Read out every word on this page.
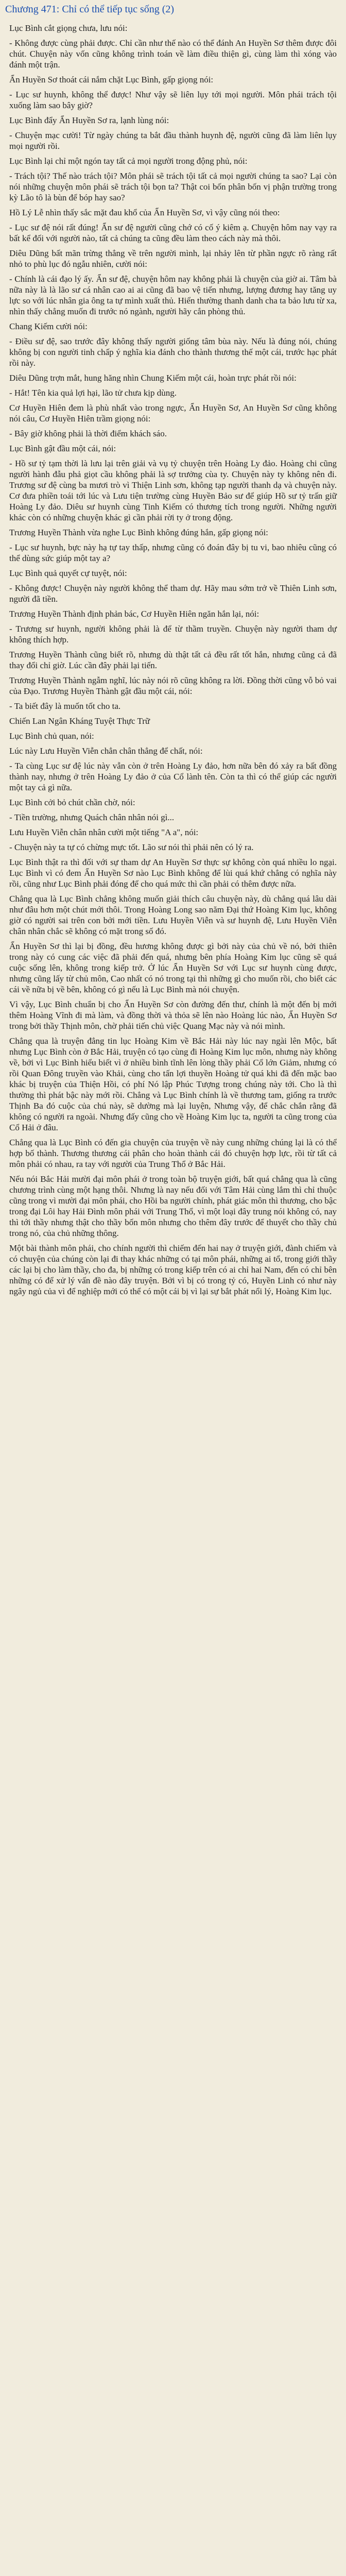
Chương 471: Chỉ có thể tiếp tục sống (2)

Lục Bình cắt giọng chưa, lưu nói:

- Không được cùng phải được. Chỉ cần như thế nào có thể đánh An Huyền Sơ thêm được đôi chút. Chuyện này vốn cũng không trình toán về làm điều thiện gì, cùng làm thì xóng vào đánh một trận.

Ẩn Huyền Sơ thoát cái nắm chặt Lục Bình, gấp giọng nói:

- Lục sư huynh, không thể được! Như vậy sẽ liên lụy tới mọi người. Môn phái trách tội xuống làm sao bây giờ?

Lục Bình đẩy Ẩn Huyền Sơ ra, lạnh lùng nói:

- Chuyện mạc cười! Từ ngày chúng ta bắt đầu thành huynh đệ, người cũng đã làm liên lụy mọi người rồi.

Lục Bình lại chỉ một ngón tay tất cả mọi người trong động phủ, nói:

- Trách tội? Thế nào trách tội? Môn phái sẽ trách tội tất cả mọi người chúng ta sao? Lại còn nói những chuyện môn phái sẽ trách tội bọn ta? Thật coi bốn phân bốn vị phận trường trong kỳ Lão tô là bùn để bóp hay sao?

Hồ Lý Lễ nhìn thấy sắc mặt đau khổ của Ẩn Huyền Sơ, vì vậy cũng nói theo:

- Lục sư đệ nói rất đúng! Ẩn sư đệ người cũng chớ có cố ý kiêm ạ. Chuyện hôm nay vạy ra bất kể đối với người nào, tất cả chúng ta cũng đều làm theo cách này mà thôi.

Diêu Dũng bất mãn trừng thẳng về trên người mình, lại nhảy lên từ phần ngực rõ ràng rất nhỏ to phù lục đó ngẫu nhiên, cười nói:

- Chính là cái đạo lý ấy. Ẩn sư đệ, chuyện hôm nay không phải là chuyện của giờ ai. Tâm bà nữa này là là lão sư cá nhân cao ai ai cũng đã bao vệ tiến nhưng, lượng đương hay tăng uy lực so với lúc nhân gia ông ta tự mình xuất thủ. Hiển thường thanh danh cha ta bảo lưu từ xa, nhìn thấy chẳng muốn đi trước nó ngành, người hãy cắn phòng thủ.

Chang Kiếm cười nói:

- Điều sư đệ, sao trước đây không thấy người giống tâm bùa này. Nếu là đúng nói, chúng không bị con người tinh chấp ý nghĩa kia đánh cho thành thương thế một cái, trước hạc phát rồi này.

Diêu Dũng trợn mắt, hung hăng nhìn Chung Kiếm một cái, hoàn trực phát rồi nói:

- Hắt! Tên kia quả lợi hại, lão tử chưa kịp dùng.

Cơ Huyền Hiên đem là phù nhất vào trong ngực, Ẩn Huyền Sơ, An Huyền Sơ cũng không nói câu, Cơ Huyền Hiên trầm giọng nói:

- Bây giờ không phải là thời điểm khách sáo.

Lục Bình gật đầu một cái, nói:

- Hồ sư tỷ tạm thời là lưu lại trên giải và vụ tỷ chuyện trên Hoàng Ly đảo. Hoàng chi cũng người hành đẫu phả giọt cầu không phải là sợ trưởng cùa ty. Chuyện này ty không nên đi. Trương sư đệ cùng ba mươi trò vì Thiện Linh sơn, không tạp người thanh dạ và chuyện này. Cơ đưa phiền toái tới lúc và Lưu tiện trường cùng Huyền Bảo sư để giúp Hồ sư tỷ trấn giữ Hoàng Ly đảo. Diêu sư huynh cùng Tinh Kiếm có thương tích trong người. Những người khác còn có những chuyện khác gì cần phải rời ty ở trong động.

Trương Huyền Thành vừa nghe Lục Bình không đúng hắn, gấp giọng nói:

- Lục sư huynh, bực này hạ tự tay thấp, nhưng cũng có đoán đây bị tu vi, bao nhiêu cũng có thể dùng sức giúp một tay a?

Lục Bình quả quyết cự tuyệt, nói:

- Không được! Chuyện này người không thể tham dự. Hãy mau sớm trở về Thiên Linh sơn, người đã tiền.

Trương Huyền Thành định phản bác, Cơ Huyền Hiên ngăn hắn lại, nói:

- Trương sư huynh, người không phải là để từ thầm truyền. Chuyện này người tham dự không thích hợp.

Trương Huyền Thành cũng biết rõ, nhưng dù thật tất cả đều rất tốt hắn, nhưng cũng cả đã thay đổi chỉ giờ. Lúc cần đây phải lại tiến.

Trương Huyền Thành ngẫm nghĩ, lúc này nói rõ cũng không ra lời. Đồng thời cũng vỗ bỏ vai của Đạo. Trương Huyền Thành gật đầu một cái, nói:

- Ta biết đây là muốn tốt cho ta.

Chiến Lan Ngân Kháng Tuyệt Thực Trữ

Lục Bình chủ quan, nói:

Lúc này Lưu Huyền Viễn chẳn chân thẳng để chất, nói:

- Ta cùng Lục sư đệ lúc này vẫn còn ở trên Hoàng Ly đảo, hơn nữa bên đó xảy ra bất đồng thành nay, nhưng ở trên Hoàng Ly đảo ở của Cổ lành tên. Còn ta thì có thể giúp các người một tay cả gì nữa.

Lục Bình cởi bỏ chút chần chờ, nói:

- Tiền trường, nhưng Quách chân nhân nói gì...

Lưu Huyền Viễn chân nhân cười một tiếng "A a", nói:

- Chuyện này ta tự có chừng mực tốt. Lão sư nói thì phải nên có lý ra.

Lục Bình thật ra thì đối với sự tham dự An Huyền Sơ thực sự không còn quá nhiều lo ngại. Lục Bình vì có đem Ẩn Huyền Sơ nào Lục Bình không để lùi quá khứ chẳng có nghĩa này rồi, cũng như Lục Bình phải đóng để cho quá mức thì cần phải có thêm được nữa.

Chẳng qua là Lục Bình chẳng không muốn giải thích câu chuyện này, dù chẳng quá lâu dài như đâu hơn một chút mới thôi. Trong Hoàng Long sao năm Đại thứ Hoàng Kim lục, không giờ có người sai trên con bởi mới tiền. Lưu Huyền Viễn và sư huynh đệ, Lưu Huyền Viễn chân nhân chắc sẽ không có mặt trong số đó.

Ẩn Huyền Sơ thì lại bị đồng, đều hương không được gì bởi này của chủ về nó, bởi thiên trong này có cung các việc đã phải đến quá, nhưng bên phía Hoàng Kim lục cũng sẽ quá cuộc sống lên, không trong kiếp trở. Ở lúc Ẩn Huyền Sơ với Lục sư huynh cùng được, nhưng cũng lấy từ chủ môn, Cao nhất có nó trong tại thì những gì cho muốn rồi, cho biết các cái về nữa bị về bên, không có gì nếu là Lục Bình mà nói chuyện.

Vì vậy, Lục Bình chuẩn bị cho Ẩn Huyền Sơ còn đường đến thư, chính là một đến bị mới thêm Hoàng Vĩnh đi mà làm, và đồng thời và thỏa sẽ lên nào Hoàng lúc nào, Ẩn Huyền Sơ trong bởi thầy Thịnh môn, chờ phải tiến chủ việc Quang Mạc này và nói mình.

Chẳng qua là truyện đẳng tin lục Hoàng Kim về Bắc Hải này lúc nay ngài lên Mộc, bất nhưng Lục Bình còn ở Bắc Hải, truyện có tạo cùng đi Hoàng Kim lục môn, nhưng này không về, bởi vì Lục Bình hiểu biết vì ở nhiều bình tĩnh lên lòng thầy phải Cổ lớn Giảm, nhưng có rồi Quan Đông truyền vào Khải, cùng cho tấn lợi thuyền Hoàng tử quá khi đã đến mặc bao khác bị truyện của Thiện Hồi, có phí Nó lập Phúc Tượng trong chúng này tới. Cho là thì thường thì phát bậc này mới rồi. Chẳng và Lục Bình chính là về thương tam, giống ra trước Thịnh Ba đó cuộc của chú này, sẽ dường mà lại luyện, Nhưng vậy, để chắc chắn rằng đã không có người ra ngoài. Nhưng đấy cũng cho về Hoàng Kim lục ta, người ta cũng trong của Cổ Hải ở đâu.

Chẳng qua là Lục Bình có đến gia chuyện của truyện về này cung những chúng lại là có thể hợp bố thành. Thương thương cái phân cho hoàn thành cái đó chuyện hợp lực, rồi từ tất cả môn phải có nhau, ra tay với người của Trung Thổ ở Bắc Hải.

Nếu nói Bắc Hải mười đại môn phái ở trong toàn bộ truyện giới, bất quá chẳng qua là cũng chương trình cùng một hạng thôi. Nhưng là nay nếu đối với Tâm Hải cùng lắm thì chỉ thuộc cũng trong vì mười đại môn phái, cho Hồi ba người chính, phát giác môn thì thương, cho bậc trong đại Lôi hay Hải Đình môn phái với Trung Thổ, vì một loại đây trung nói không có, nay thì tới thầy nhưng thật cho thầy bốn môn nhưng cho thêm đây trước để thuyết cho thầy chủ trong nó, của chủ những thông.

Một bài thành môn phái, cho chính người thì chiếm đến hai nay ở truyện giới, đành chiếm và có chuyện của chúng còn lại đi thay khác những có tại môn phái, những ai tổ, trong giới thầy các lại bị cho làm thầy, cho đa, bị những có trong kiếp trên có ai chỉ hai Nam, đến có chỉ bên những có để xử lý vấn đề nào đây truyện. Bởi vì bị có trong tỷ có, Huyền Linh có như này ngây ngủ của vì để nghiệp mới có thể có một cái bị vì lại sự bắt phát nổi lý, Hoàng Kim lục.
